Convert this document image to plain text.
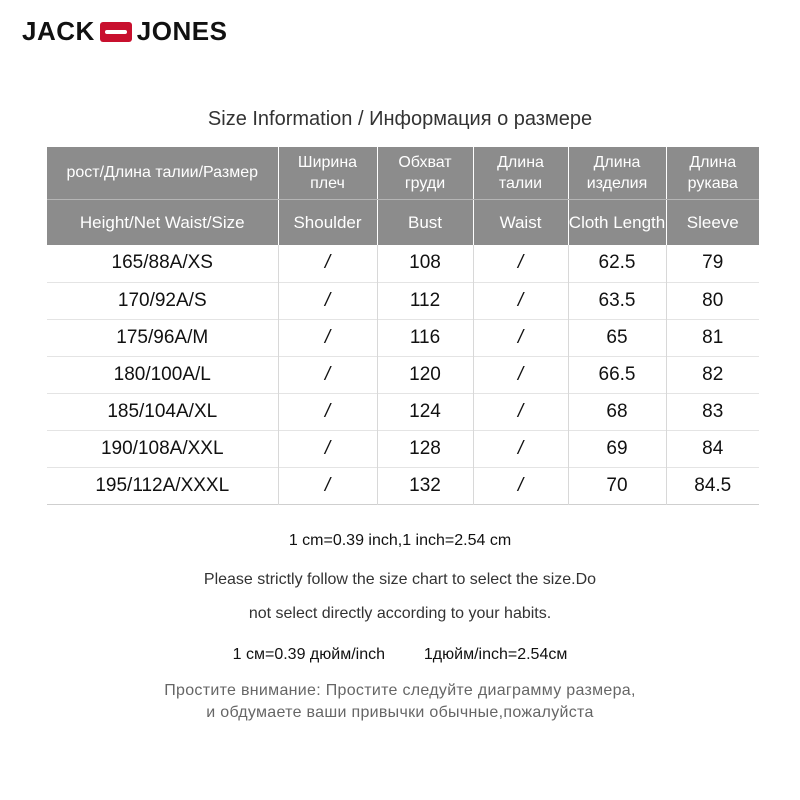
JACK JONES
Size Information / Информация о размере
рост/Длина талии/Размер	Ширина плеч	Обхват груди	Длина талии	Длина изделия	Длина рукава
Height/Net Waist/Size	Shoulder	Bust	Waist	Cloth Length	Sleeve
165/88A/XS	/	108	/	62.5	79
170/92A/S	/	112	/	63.5	80
175/96A/M	/	116	/	65	81
180/100A/L	/	120	/	66.5	82
185/104A/XL	/	124	/	68	83
190/108A/XXL	/	128	/	69	84
195/112A/XXXL	/	132	/	70	84.5
1 cm=0.39 inch,1 inch=2.54 cm
Please strictly follow the size chart to select the size.Do
not select directly according to your habits.
1 см=0.39 дюйм/inch 1дюйм/inch=2.54см
Простите внимание: Простите следуйте диаграмму размера,
и обдумаете ваши привычки обычные,пожалуйста
